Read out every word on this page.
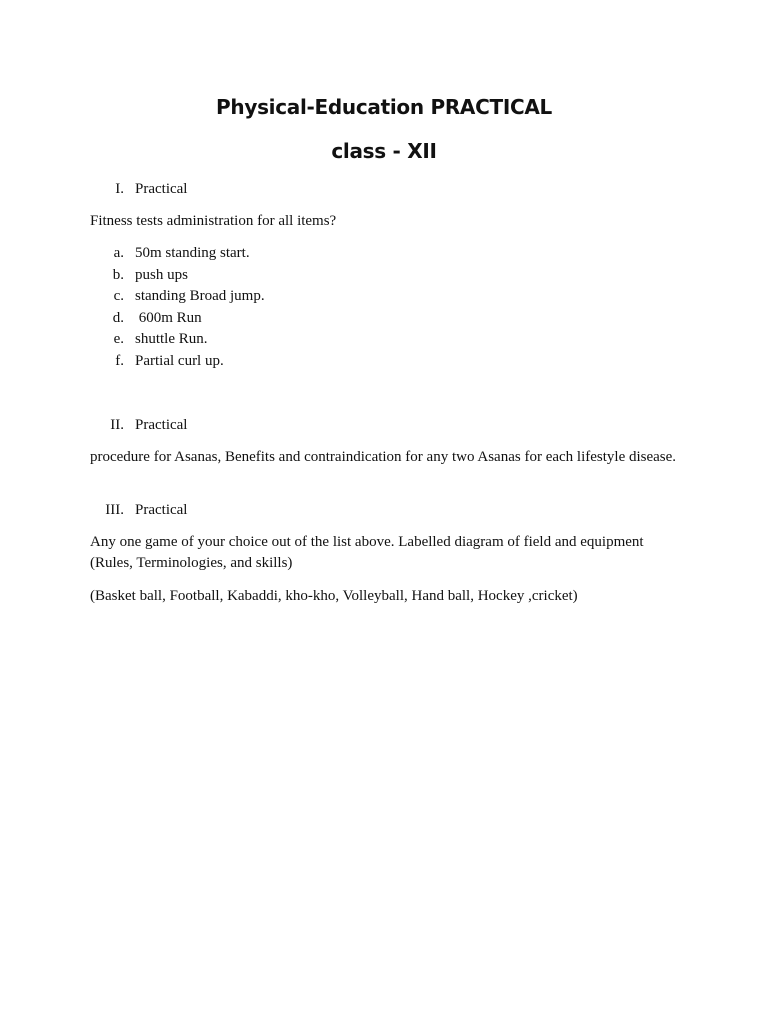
Physical-Education PRACTICAL
class - XII
I. Practical

Fitness tests administration for all items?

a. 50m standing start.
b. push ups
c. standing Broad jump.
d. 600m Run
e. shuttle Run.
f. Partial curl up.
II. Practical

procedure for Asanas, Benefits and contraindication for any two Asanas for each lifestyle disease.

III. Practical

Any one game of your choice out of the list above. Labelled diagram of field and equipment (Rules, Terminologies, and skills)

(Basket ball, Football, Kabaddi, kho-kho, Volleyball, Hand ball, Hockey ,cricket)
